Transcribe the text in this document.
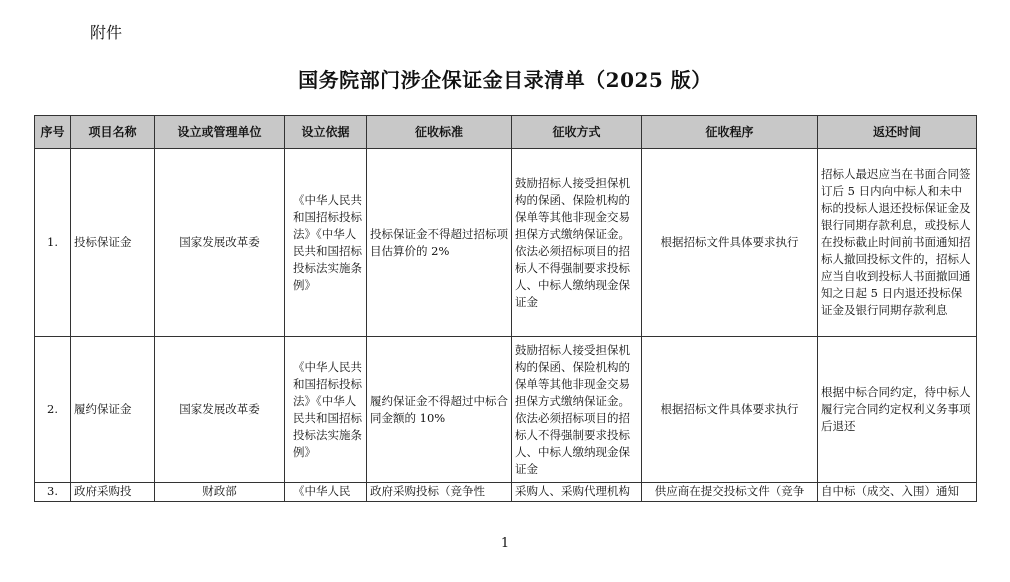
附件
国务院部门涉企保证金目录清单（2025 版）
序号	项目名称	设立或管理单位	设立依据	征收标准	征收方式	征收程序	返还时间
1.	投标保证金	国家发展改革委	《中华人民共和国招标投标法》《中华人民共和国招标投标法实施条例》	投标保证金不得超过招标项目估算价的 2%	鼓励招标人接受担保机构的保函、保险机构的保单等其他非现金交易担保方式缴纳保证金。依法必须招标项目的招标人不得强制要求投标人、中标人缴纳现金保证金	根据招标文件具体要求执行	招标人最迟应当在书面合同签订后 5 日内向中标人和未中标的投标人退还投标保证金及银行同期存款利息，或投标人在投标截止时间前书面通知招标人撤回投标文件的，招标人应当自收到投标人书面撤回通知之日起 5 日内退还投标保证金及银行同期存款利息
2.	履约保证金	国家发展改革委	《中华人民共和国招标投标法》《中华人民共和国招标投标法实施条例》	履约保证金不得超过中标合同金额的 10%	鼓励招标人接受担保机构的保函、保险机构的保单等其他非现金交易担保方式缴纳保证金。依法必须招标项目的招标人不得强制要求投标人、中标人缴纳现金保证金	根据招标文件具体要求执行	根据中标合同约定，待中标人履行完合同约定权利义务事项后退还
3.	政府采购投	财政部	《中华人民	政府采购投标（竞争性	采购人、采购代理机构	供应商在提交投标文件（竞争	自中标（成交、入围）通知
1
